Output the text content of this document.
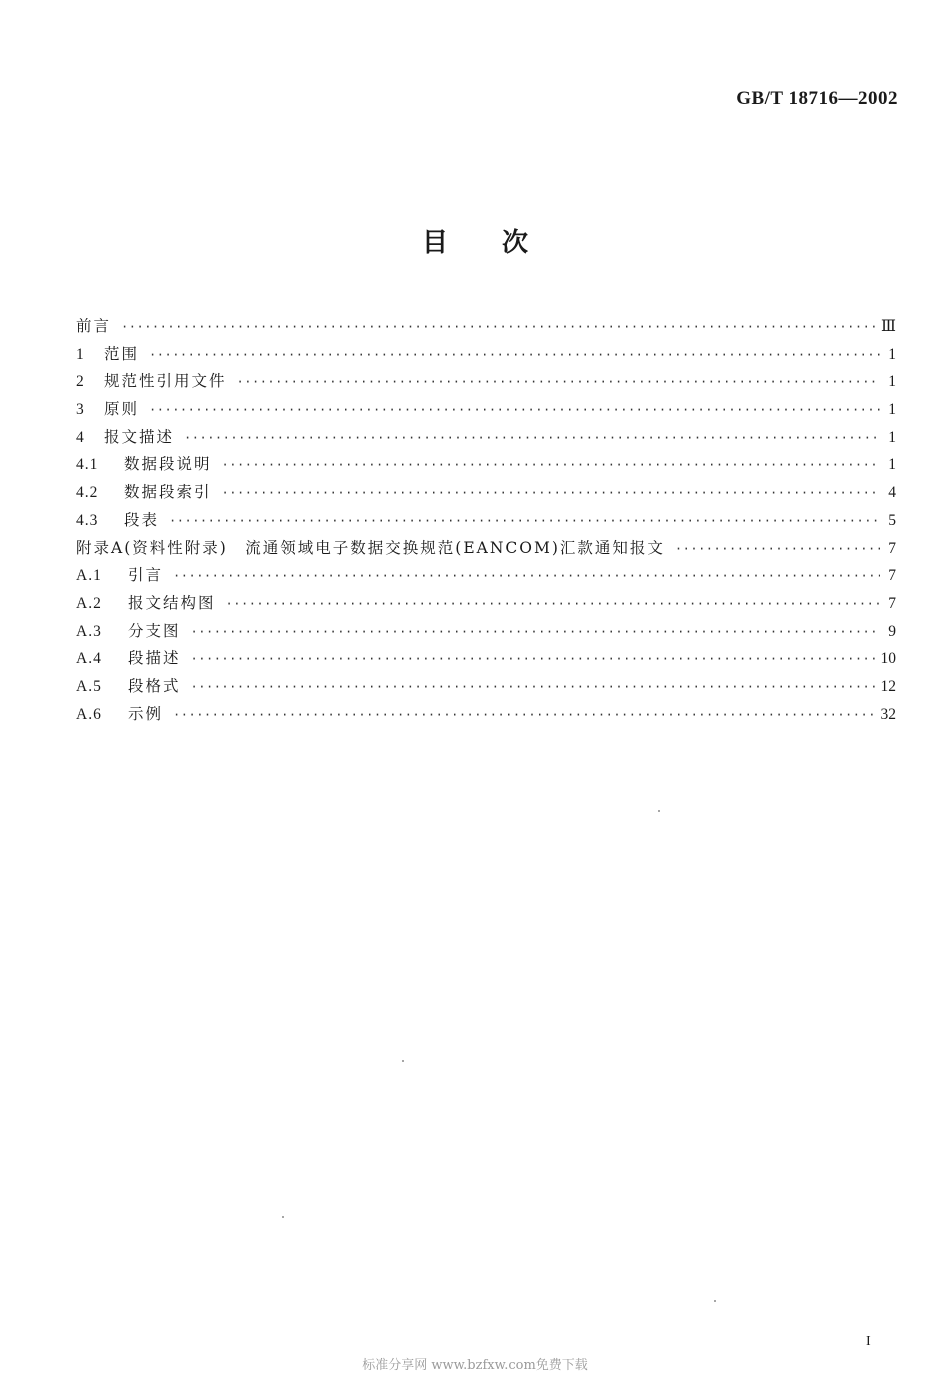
GB/T 18716—2002
目次
前言 ·····	Ⅲ
1	范围 ·····	1
2	规范性引用文件 ·····	1
3	原则 ·····	1
4	报文描述 ·····	1
4.1	数据段说明 ·····	1
4.2	数据段索引 ·····	4
4.3	段表 ·····	5
附录A(资料性附录)　流通领域电子数据交换规范(EANCOM)汇款通知报文 ·····	7
A.1	引言 ·····	7
A.2	报文结构图 ·····	7
A.3	分支图 ·····	9
A.4	段描述 ·····	10
A.5	段格式 ·····	12
A.6	示例 ·····	32
I
标准分享网 www.bzfxw.com免费下载
